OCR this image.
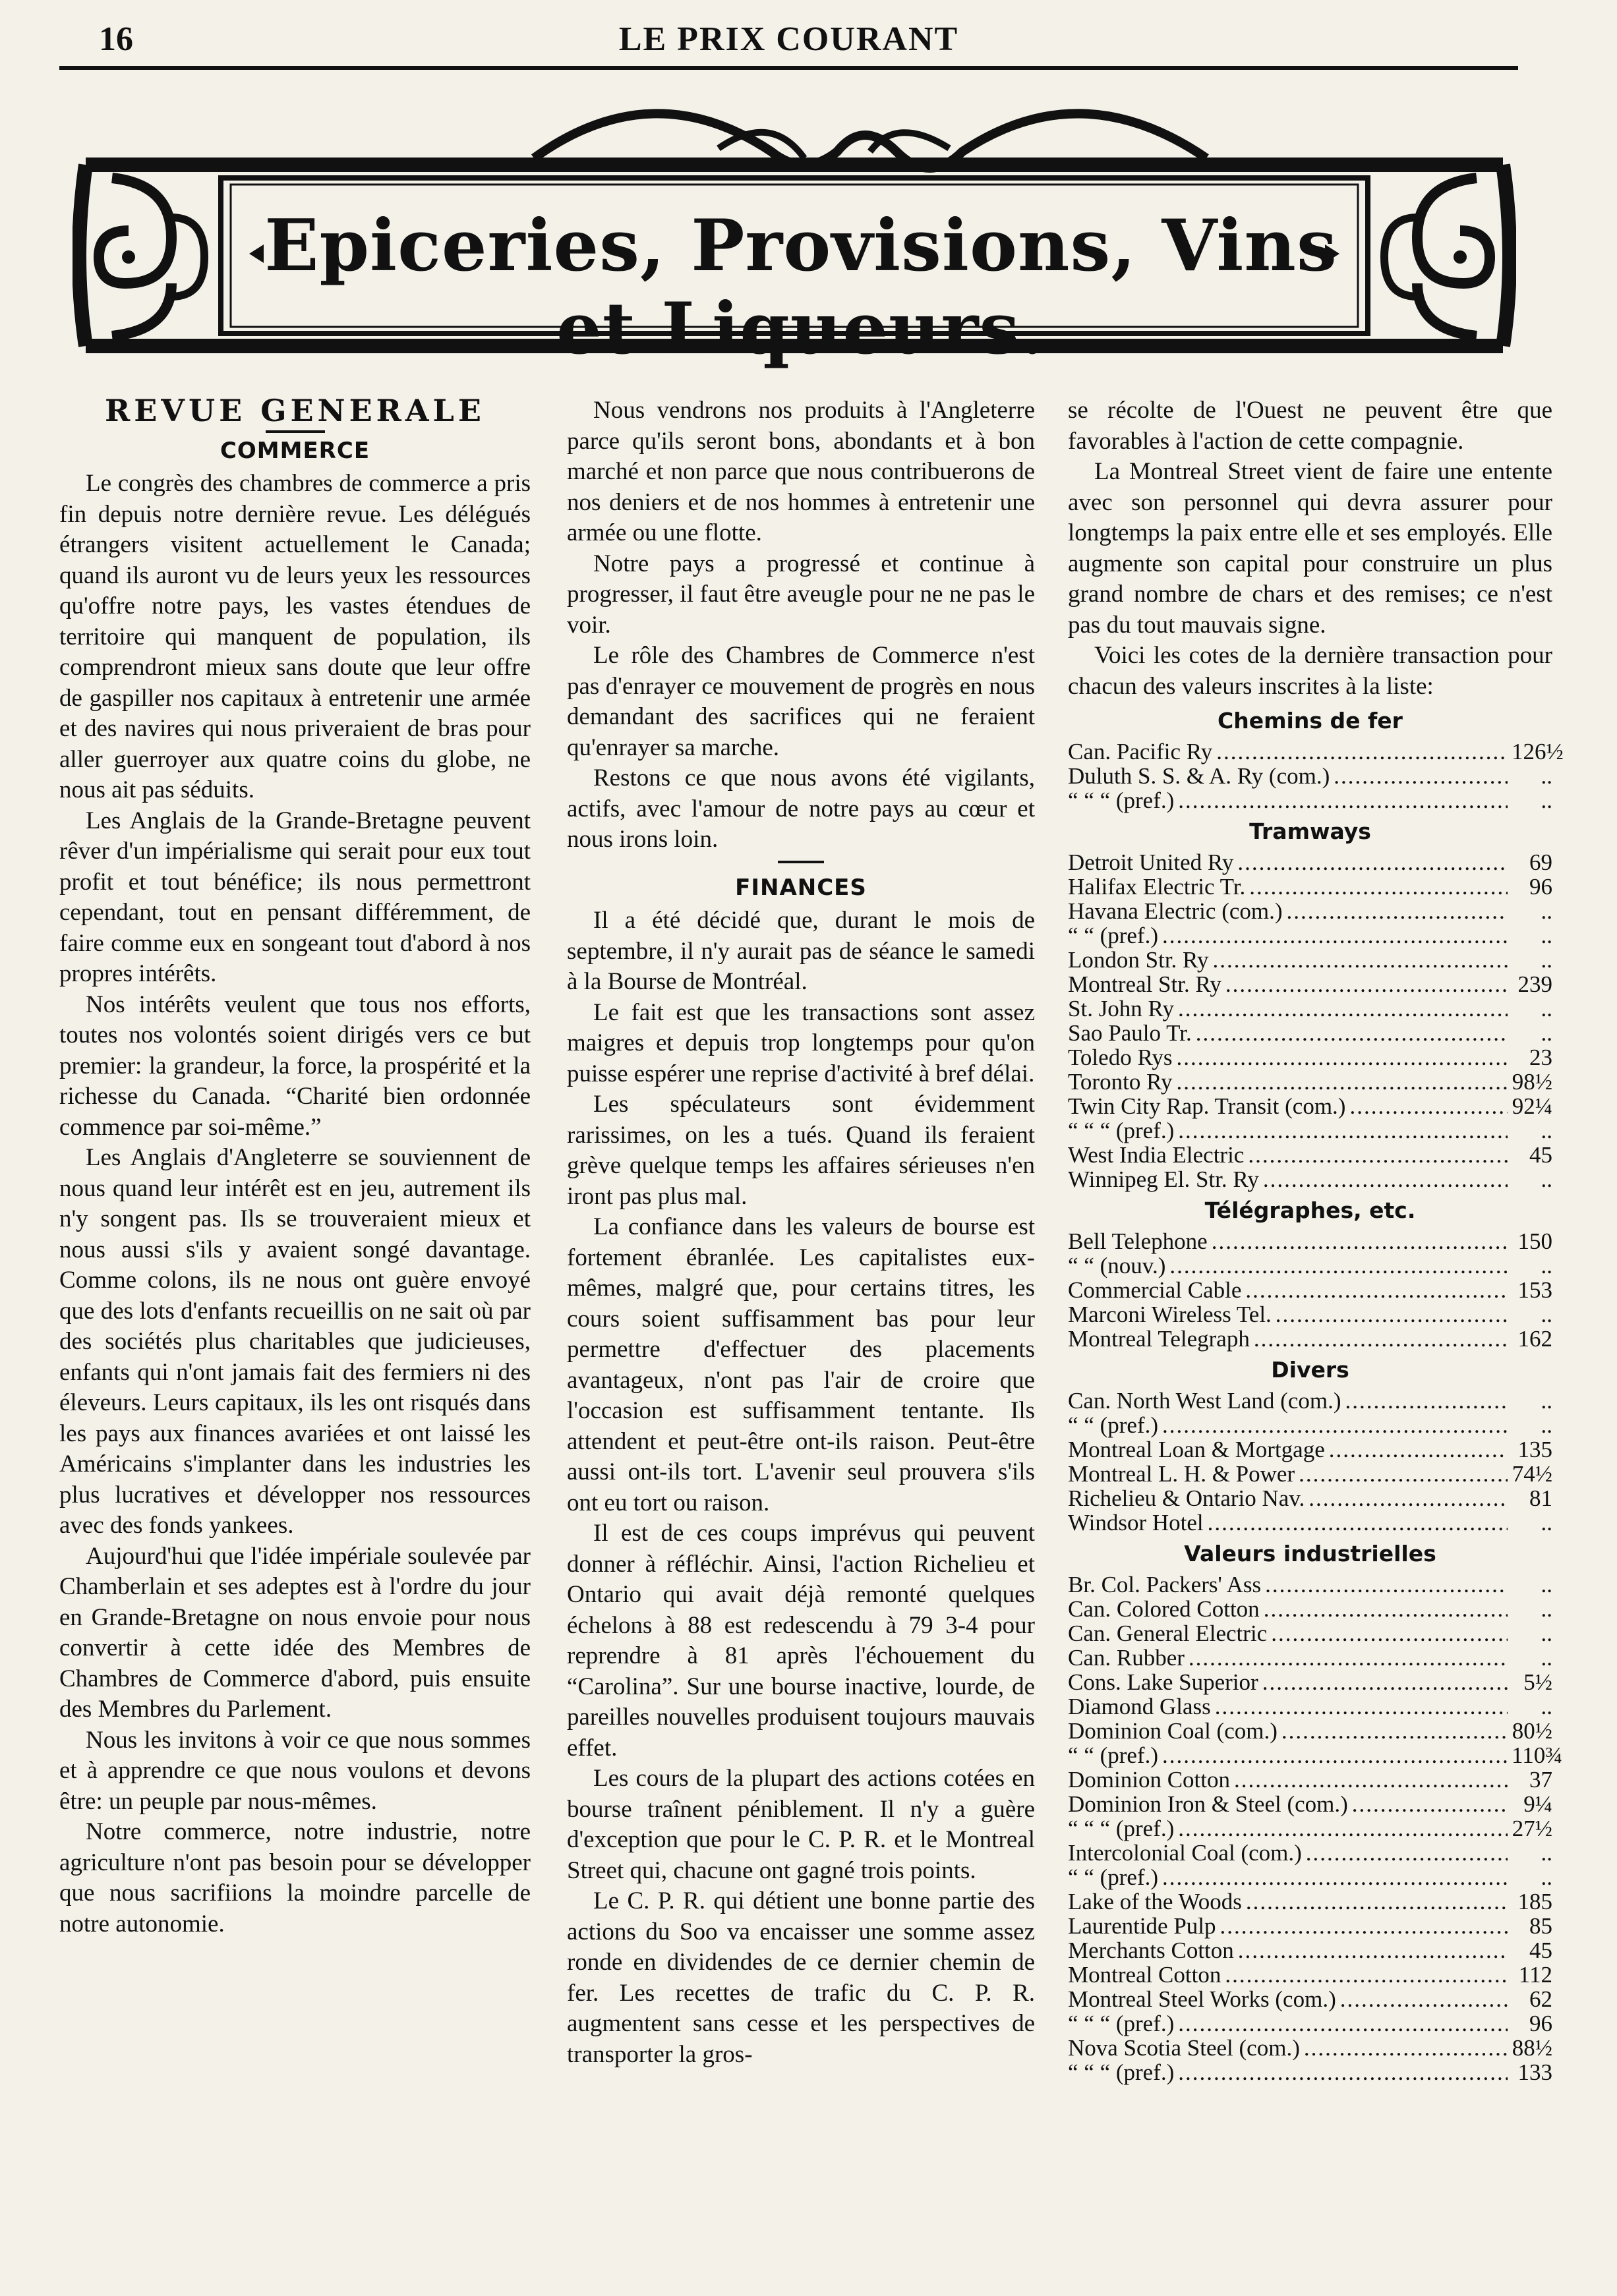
16	LE PRIX COURANT
Epiceries, Provisions, Vins et Liqueurs.
REVUE GENERALE
COMMERCE

Le congrès des chambres de commerce a pris fin depuis notre dernière revue. Les délégués étrangers visitent actuellement le Canada; quand ils auront vu de leurs yeux les ressources qu'offre notre pays, les vastes étendues de territoire qui manquent de population, ils comprendront mieux sans doute que leur offre de gaspiller nos capitaux à entretenir une armée et des navires qui nous priveraient de bras pour aller guerroyer aux quatre coins du globe, ne nous ait pas séduits.

Les Anglais de la Grande-Bretagne peuvent rêver d'un impérialisme qui serait pour eux tout profit et tout bénéfice; ils nous permettront cependant, tout en pensant différemment, de faire comme eux en songeant tout d'abord à nos propres intérêts.

Nos intérêts veulent que tous nos efforts, toutes nos volontés soient dirigés vers ce but premier: la grandeur, la force, la prospérité et la richesse du Canada. “Charité bien ordonnée commence par soi-même.”

Les Anglais d'Angleterre se souviennent de nous quand leur intérêt est en jeu, autrement ils n'y songent pas. Ils se trouveraient mieux et nous aussi s'ils y avaient songé davantage. Comme colons, ils ne nous ont guère envoyé que des lots d'enfants recueillis on ne sait où par des sociétés plus charitables que judicieuses, enfants qui n'ont jamais fait des fermiers ni des éleveurs. Leurs capitaux, ils les ont risqués dans les pays aux finances avariées et ont laissé les Américains s'implanter dans les industries les plus lucratives et développer nos ressources avec des fonds yankees.

Aujourd'hui que l'idée impériale soulevée par Chamberlain et ses adeptes est à l'ordre du jour en Grande-Bretagne on nous envoie pour nous convertir à cette idée des Membres de Chambres de Commerce d'abord, puis ensuite des Membres du Parlement.

Nous les invitons à voir ce que nous sommes et à apprendre ce que nous voulons et devons être: un peuple par nous-mêmes.

Notre commerce, notre industrie, notre agriculture n'ont pas besoin pour se développer que nous sacrifiions la moindre parcelle de notre autonomie.

Nous vendrons nos produits à l'Angleterre parce qu'ils seront bons, abondants et à bon marché et non parce que nous contribuerons de nos deniers et de nos hommes à entretenir une armée ou une flotte.

Notre pays a progressé et continue à progresser, il faut être aveugle pour ne ne pas le voir.

Le rôle des Chambres de Commerce n'est pas d'enrayer ce mouvement de progrès en nous demandant des sacrifices qui ne feraient qu'enrayer sa marche.

Restons ce que nous avons été vigilants, actifs, avec l'amour de notre pays au cœur et nous irons loin.

FINANCES

Il a été décidé que, durant le mois de septembre, il n'y aurait pas de séance le samedi à la Bourse de Montréal.

Le fait est que les transactions sont assez maigres et depuis trop longtemps pour qu'on puisse espérer une reprise d'activité à bref délai.

Les spéculateurs sont évidemment rarissimes, on les a tués. Quand ils feraient grève quelque temps les affaires sérieuses n'en iront pas plus mal.

La confiance dans les valeurs de bourse est fortement ébranlée. Les capitalistes eux-mêmes, malgré que, pour certains titres, les cours soient suffisamment bas pour leur permettre d'effectuer des placements avantageux, n'ont pas l'air de croire que l'occasion est suffisamment tentante. Ils attendent et peut-être ont-ils raison. Peut-être aussi ont-ils tort. L'avenir seul prouvera s'ils ont eu tort ou raison.

Il est de ces coups imprévus qui peuvent donner à réfléchir. Ainsi, l'action Richelieu et Ontario qui avait déjà remonté quelques échelons à 88 est redescendu à 79 3-4 pour reprendre à 81 après l'échouement du “Carolina”. Sur une bourse inactive, lourde, de pareilles nouvelles produisent toujours mauvais effet.

Les cours de la plupart des actions cotées en bourse traînent péniblement. Il n'y a guère d'exception que pour le C. P. R. et le Montreal Street qui, chacune ont gagné trois points.

Le C. P. R. qui détient une bonne partie des actions du Soo va encaisser une somme assez ronde en dividendes de ce dernier chemin de fer. Les recettes de trafic du C. P. R. augmentent sans cesse et les perspectives de transporter la gros-

se récolte de l'Ouest ne peuvent être que favorables à l'action de cette compagnie.

La Montreal Street vient de faire une entente avec son personnel qui devra assurer pour longtemps la paix entre elle et ses employés. Elle augmente son capital pour construire un plus grand nombre de chars et des remises; ce n'est pas du tout mauvais signe.

Voici les cotes de la dernière transaction pour chacun des valeurs inscrites à la liste:

Chemins de fer
Can. Pacific Ry .....	126½
Duluth S. S. & A. Ry (com.) .....	..
“ “ “ (pref.) .....	..
Tramways
Detroit United Ry .....	69
Halifax Electric Tr. .....	96
Havana Electric (com.) .....	..
“ “ (pref.) .....	..
London Str. Ry .....	..
Montreal Str. Ry .....	239
St. John Ry .....	..
Sao Paulo Tr. .....	..
Toledo Rys .....	23
Toronto Ry .....	98½
Twin City Rap. Transit (com.) .....	92¼
“ “ “ (pref.) .....	..
West India Electric .....	45
Winnipeg El. Str. Ry .....	..
Télégraphes, etc.
Bell Telephone .....	150
“ “ (nouv.) .....	..
Commercial Cable .....	153
Marconi Wireless Tel. .....	..
Montreal Telegraph .....	162
Divers
Can. North West Land (com.) .....	..
“ “ (pref.) .....	..
Montreal Loan & Mortgage .....	135
Montreal L. H. & Power .....	74½
Richelieu & Ontario Nav. .....	81
Windsor Hotel .....	..
Valeurs industrielles
Br. Col. Packers' Ass .....	..
Can. Colored Cotton .....	..
Can. General Electric .....	..
Can. Rubber .....	..
Cons. Lake Superior .....	5½
Diamond Glass .....	..
Dominion Coal (com.) .....	80½
“ “ (pref.) .....	110¾
Dominion Cotton .....	37
Dominion Iron & Steel (com.) .....	9¼
“ “ “ (pref.) .....	27½
Intercolonial Coal (com.) .....	..
“ “ (pref.) .....	..
Lake of the Woods .....	185
Laurentide Pulp .....	85
Merchants Cotton .....	45
Montreal Cotton .....	112
Montreal Steel Works (com.) .....	62
“ “ “ (pref.) .....	96
Nova Scotia Steel (com.) .....	88½
“ “ “ (pref.) .....	133
